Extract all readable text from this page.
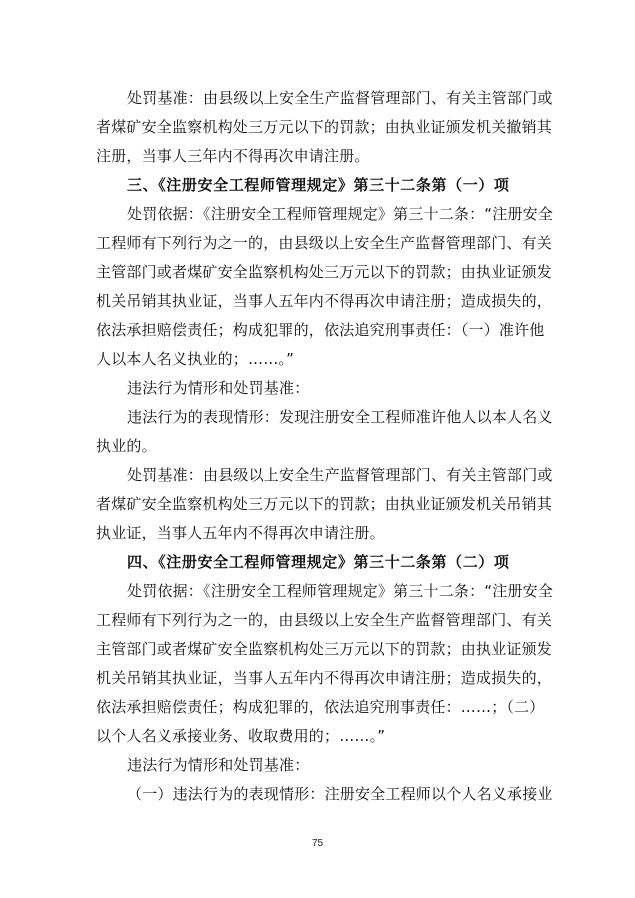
处罚基准：由县级以上安全生产监督管理部门、有关主管部门或
者煤矿安全监察机构处三万元以下的罚款；由执业证颁发机关撤销其
注册，当事人三年内不得再次申请注册。
三、《注册安全工程师管理规定》第三十二条第（一）项
处罚依据：《注册安全工程师管理规定》第三十二条：“注册安全
工程师有下列行为之一的，由县级以上安全生产监督管理部门、有关
主管部门或者煤矿安全监察机构处三万元以下的罚款；由执业证颁发
机关吊销其执业证，当事人五年内不得再次申请注册；造成损失的，
依法承担赔偿责任；构成犯罪的，依法追究刑事责任：（一）准许他
人以本人名义执业的；……。”
违法行为情形和处罚基准：
违法行为的表现情形：发现注册安全工程师准许他人以本人名义
执业的。
处罚基准：由县级以上安全生产监督管理部门、有关主管部门或
者煤矿安全监察机构处三万元以下的罚款；由执业证颁发机关吊销其
执业证，当事人五年内不得再次申请注册。
四、《注册安全工程师管理规定》第三十二条第（二）项
处罚依据：《注册安全工程师管理规定》第三十二条：“注册安全
工程师有下列行为之一的，由县级以上安全生产监督管理部门、有关
主管部门或者煤矿安全监察机构处三万元以下的罚款；由执业证颁发
机关吊销其执业证，当事人五年内不得再次申请注册；造成损失的，
依法承担赔偿责任；构成犯罪的，依法追究刑事责任：……；（二）
以个人名义承接业务、收取费用的；……。”
违法行为情形和处罚基准：
（一）违法行为的表现情形：注册安全工程师以个人名义承接业
75
